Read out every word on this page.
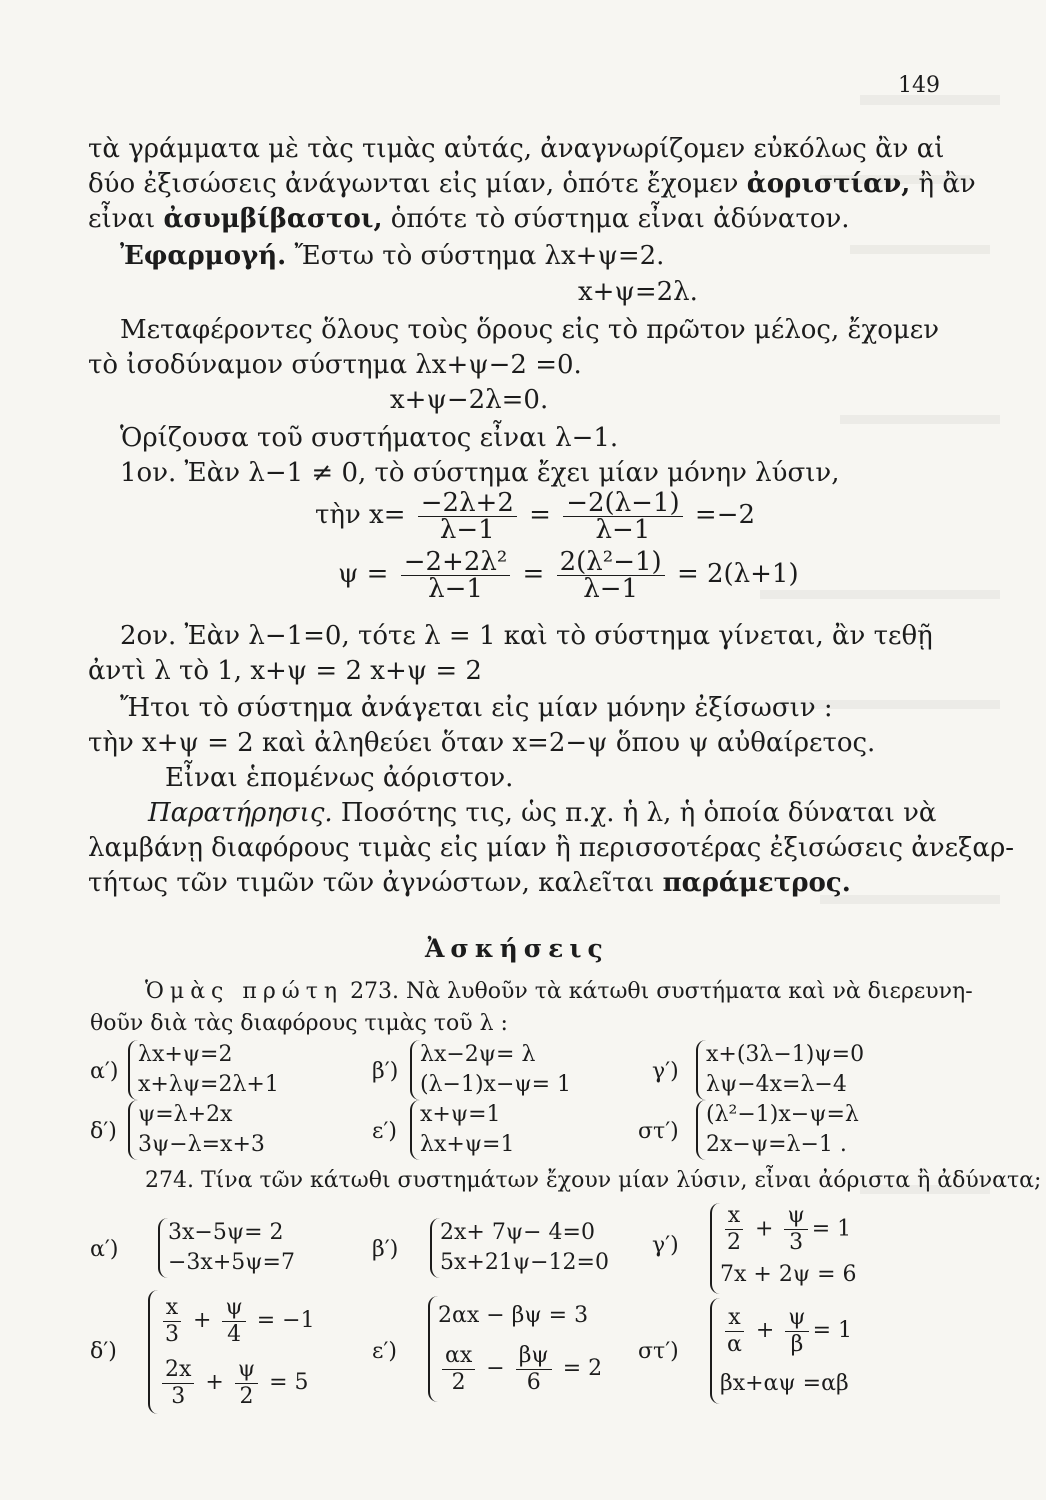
149
τὰ γράμματα μὲ τὰς τιμὰς αὐτάς, ἀναγνωρίζομεν εὐκόλως ἂν αἱ
δύο ἐξισώσεις ἀνάγωνται εἰς μίαν, ὁπότε ἔχομεν ἀοριστίαν, ἢ ἂν
εἶναι ἀσυμβίβαστοι, ὁπότε τὸ σύστημα εἶναι ἀδύνατον.
Ἐφαρμογή. Ἔστω τὸ σύστημα λx+ψ=2.
x+ψ=2λ.
Μεταφέροντες ὅλους τοὺς ὅρους εἰς τὸ πρῶτον μέλος, ἔχομεν
τὸ ἰσοδύναμον σύστημα λx+ψ−2 =0.
x+ψ−2λ=0.
Ὁρίζουσα τοῦ συστήματος εἶναι λ−1.
1ον. Ἐὰν λ−1 ≠ 0, τὸ σύστημα ἔχει μίαν μόνην λύσιν,
τὴν $x= \frac{-2\lambda+2}{\lambda-1} = \frac{-2(\lambda-1)}{\lambda-1} =-2$
$\psi = \frac{\text{−2+2λ²}}{\lambda-1} = \frac{\text{2(λ²−1)}}{\lambda-1} = 2(\lambda+1)$
2ον. Ἐὰν λ−1=0, τότε λ = 1 καὶ τὸ σύστημα γίνεται, ἂν τεθῇ
ἀντὶ λ τὸ 1, x+ψ = 2 x+ψ = 2
Ἤτοι τὸ σύστημα ἀνάγεται εἰς μίαν μόνην ἐξίσωσιν :
τὴν x+ψ = 2 καὶ ἀληθεύει ὅταν x=2−ψ ὅπου ψ αὐθαίρετος.
Εἶναι ἑπομένως ἀόριστον.
Παρατήρησις. Ποσότης τις, ὡς π.χ. ἡ λ, ἡ ὁποία δύναται νὰ
λαμβάνῃ διαφόρους τιμὰς εἰς μίαν ἢ περισσοτέρας ἐξισώσεις ἀνεξαρ-
τήτως τῶν τιμῶν τῶν ἀγνώστων, καλεῖται παράμετρος.
Ἀσκήσεις
Ὁμὰς πρώτη 273. Νὰ λυθοῦν τὰ κάτωθι συστήματα καὶ νὰ διερευνη-
θοῦν διὰ τὰς διαφόρους τιμὰς τοῦ λ :
α′)
λx+ψ=2
x+λψ=2λ+1
β′)
λx−2ψ= λ
(λ−1)x−ψ= 1
γ′)
x+(3λ−1)ψ=0
λψ−4x=λ−4
δ′)
ψ=λ+2x
3ψ−λ=x+3
ε′)
x+ψ=1
λx+ψ=1
στ′)
(λ²−1)x−ψ=λ
2x−ψ=λ−1 .
274. Τίνα τῶν κάτωθι συστημάτων ἔχουν μίαν λύσιν, εἶναι ἀόριστα ἢ ἀδύνατα;
α′)
3x−5ψ= 2
−3x+5ψ=7
β′)
2x+ 7ψ− 4=0
5x+21ψ−12=0
$\gamma') \frac{x}{2} + \frac{\psi}{3} = 1$
7x + 2ψ = 6
δ′)
$\frac{x}{3} + \frac{\psi}{4} = -1$
$\frac{2x}{3} + \frac{\psi}{2} = 5$
ε′)
2αx − βψ = 3
$\frac{\alpha x}{2} - \frac{\beta\psi}{6} = 2$
$\sigma\tau') \frac{x}{\alpha} + \frac{\psi}{\beta} = 1$
βx+αψ =αβ
